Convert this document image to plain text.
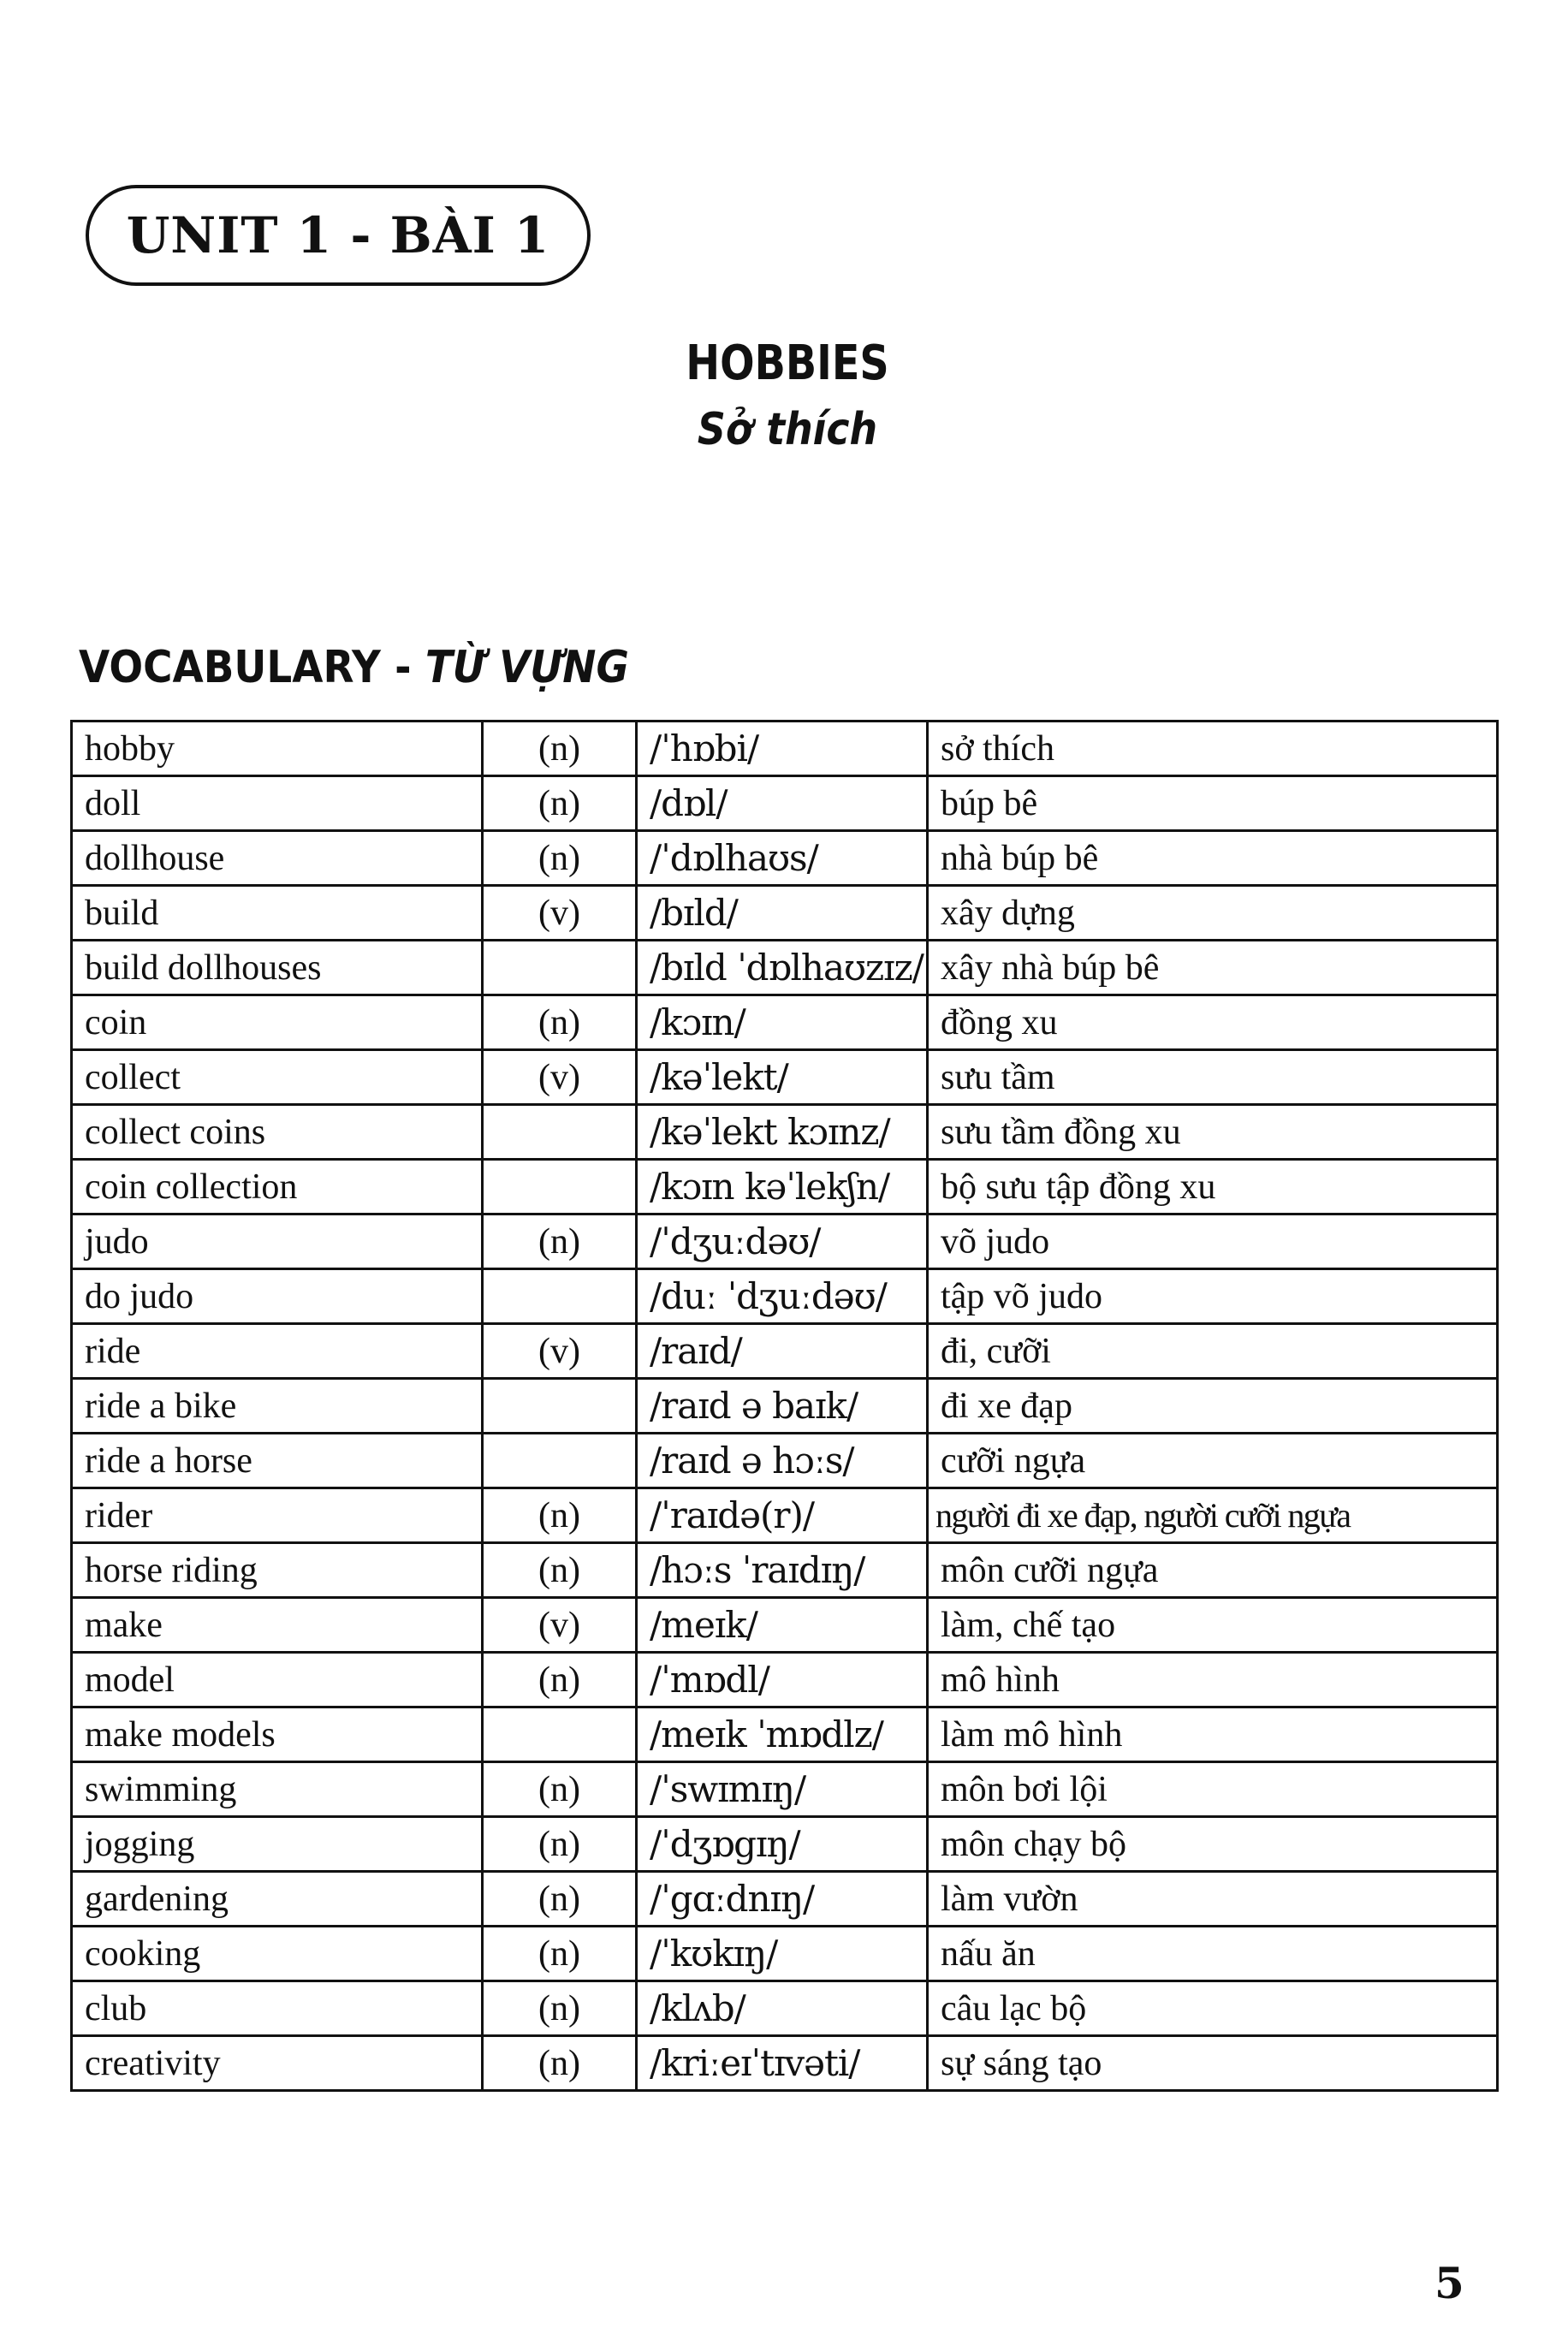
UNIT 1 - BÀI 1
HOBBIES
Sở thích
VOCABULARY - TỪ VỰNG
hobby	(n)	/ˈhɒbi/	sở thích
doll	(n)	/dɒl/	búp bê
dollhouse	(n)	/ˈdɒlhaʊs/	nhà búp bê
build	(v)	/bɪld/	xây dựng
build dollhouses		/bɪld ˈdɒlhaʊzɪz/	xây nhà búp bê
coin	(n)	/kɔɪn/	đồng xu
collect	(v)	/kəˈlekt/	sưu tầm
collect coins		/kəˈlekt kɔɪnz/	sưu tầm đồng xu
coin collection		/kɔɪn kəˈlekʃn/	bộ sưu tập đồng xu
judo	(n)	/ˈdʒuːdəʊ/	võ judo
do judo		/duː ˈdʒuːdəʊ/	tập võ judo
ride	(v)	/raɪd/	đi, cưỡi
ride a bike		/raɪd ə baɪk/	đi xe đạp
ride a horse		/raɪd ə hɔːs/	cưỡi ngựa
rider	(n)	/ˈraɪdə(r)/	người đi xe đạp, người cưỡi ngựa
horse riding	(n)	/hɔːs ˈraɪdɪŋ/	môn cưỡi ngựa
make	(v)	/meɪk/	làm, chế tạo
model	(n)	/ˈmɒdl/	mô hình
make models		/meɪk ˈmɒdlz/	làm mô hình
swimming	(n)	/ˈswɪmɪŋ/	môn bơi lội
jogging	(n)	/ˈdʒɒgɪŋ/	môn chạy bộ
gardening	(n)	/ˈgɑːdnɪŋ/	làm vườn
cooking	(n)	/ˈkʊkɪŋ/	nấu ăn
club	(n)	/klʌb/	câu lạc bộ
creativity	(n)	/kriːeɪˈtɪvəti/	sự sáng tạo
5
